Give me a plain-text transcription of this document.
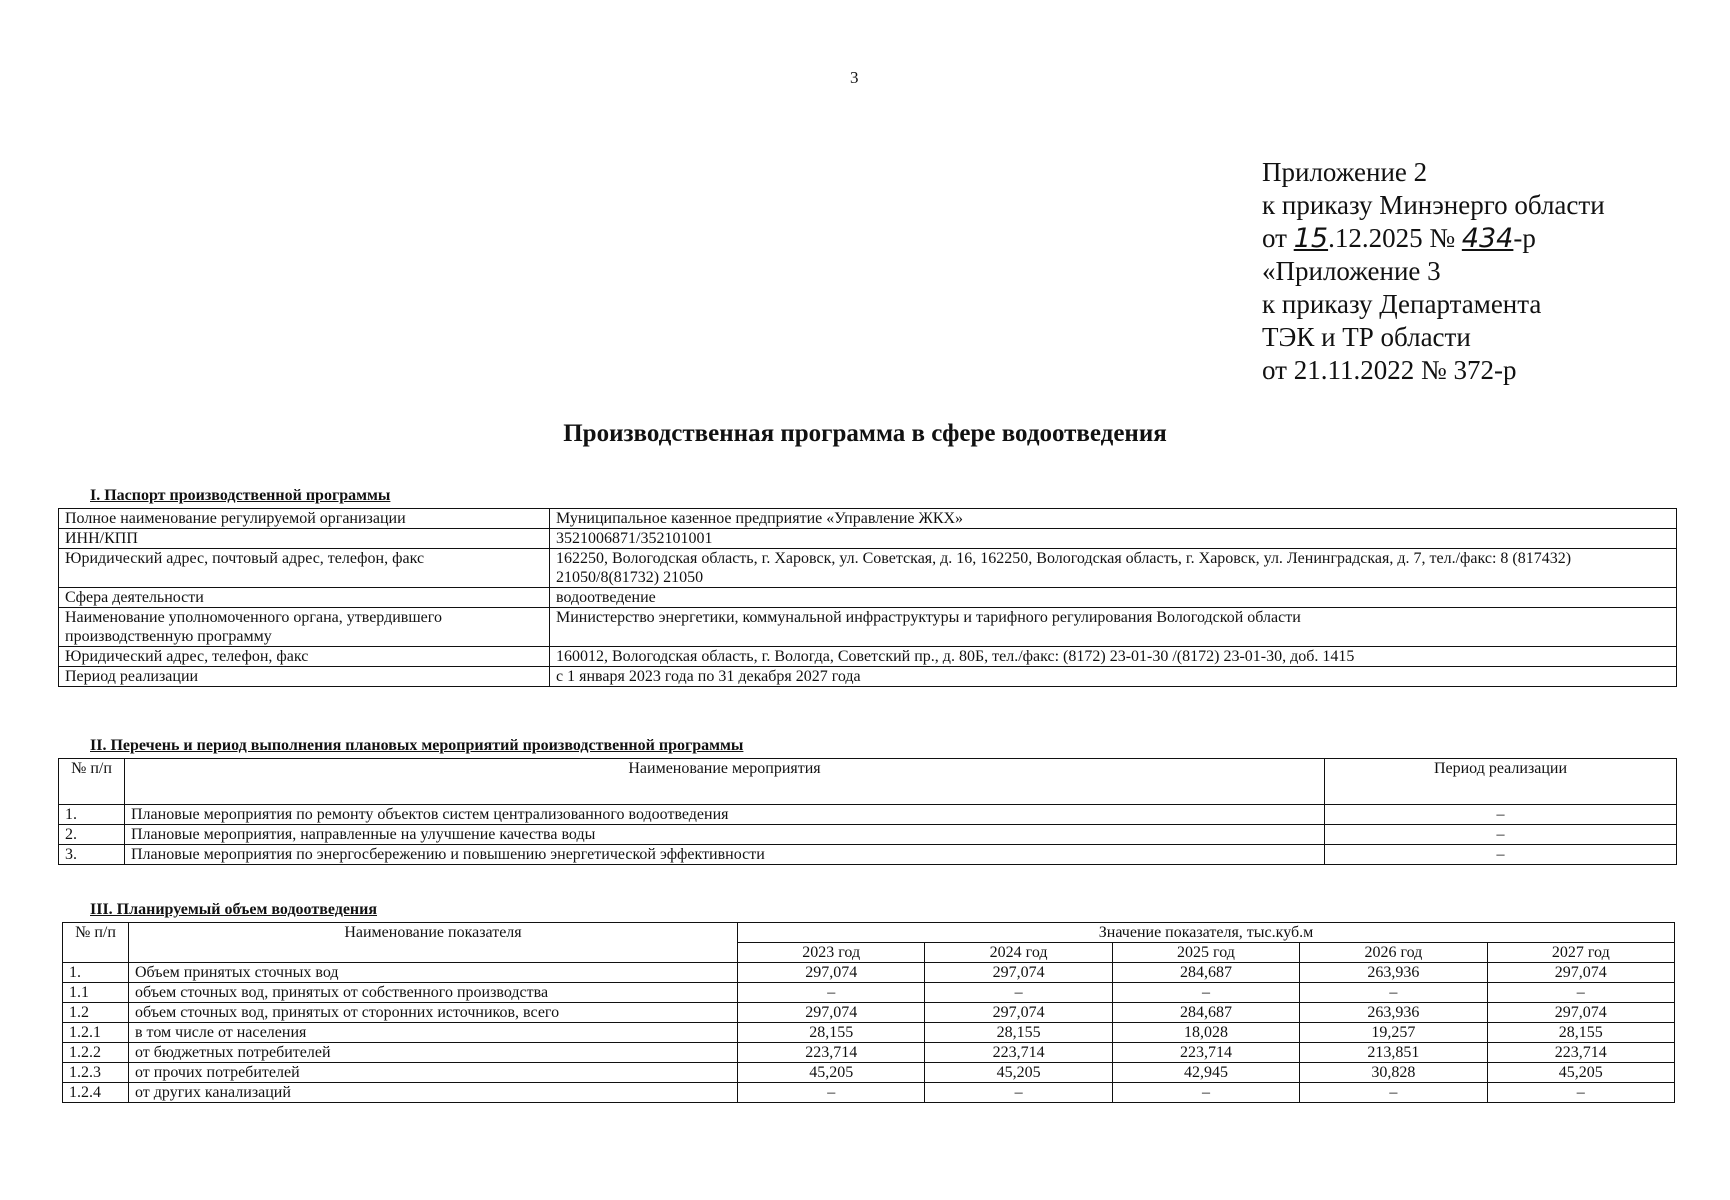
3
Приложение 2
к приказу Минэнерго области
от 15.12.2025 № 434-р
«Приложение 3
к приказу Департамента
ТЭК и ТР области
от 21.11.2022 № 372-р
Производственная программа в сфере водоотведения
I. Паспорт производственной программы
Полное наименование регулируемой организации	Муниципальное казенное предприятие «Управление ЖКХ»
ИНН/КПП	3521006871/352101001
Юридический адрес, почтовый адрес, телефон, факс	162250, Вологодская область, г. Харовск, ул. Советская, д. 16, 162250, Вологодская область, г. Харовск, ул. Ленинградская, д. 7, тел./факс: 8 (817432) 21050/8(81732) 21050
Сфера деятельности	водоотведение
Наименование уполномоченного органа, утвердившего производственную программу	Министерство энергетики, коммунальной инфраструктуры и тарифного регулирования Вологодской области
Юридический адрес, телефон, факс	160012, Вологодская область, г. Вологда, Советский пр., д. 80Б, тел./факс: (8172) 23-01-30 /(8172) 23-01-30, доб. 1415
Период реализации	с 1 января 2023 года по 31 декабря 2027 года
II. Перечень и период выполнения плановых мероприятий производственной программы
№ п/п	Наименование мероприятия	Период реализации
1.	Плановые мероприятия по ремонту объектов систем централизованного водоотведения	–
2.	Плановые мероприятия, направленные на улучшение качества воды	–
3.	Плановые мероприятия по энергосбережению и повышению энергетической эффективности	–
III. Планируемый объем водоотведения
№ п/п	Наименование показателя	Значение показателя, тыс.куб.м				
		2023 год	2024 год	2025 год	2026 год	2027 год
1.	Объем принятых сточных вод	297,074	297,074	284,687	263,936	297,074
1.1	объем сточных вод, принятых от собственного производства	–	–	–	–	–
1.2	объем сточных вод, принятых от сторонних источников, всего	297,074	297,074	284,687	263,936	297,074
1.2.1	в том числе от населения	28,155	28,155	18,028	19,257	28,155
1.2.2	от бюджетных потребителей	223,714	223,714	223,714	213,851	223,714
1.2.3	от прочих потребителей	45,205	45,205	42,945	30,828	45,205
1.2.4	от других канализаций	–	–	–	–	–
